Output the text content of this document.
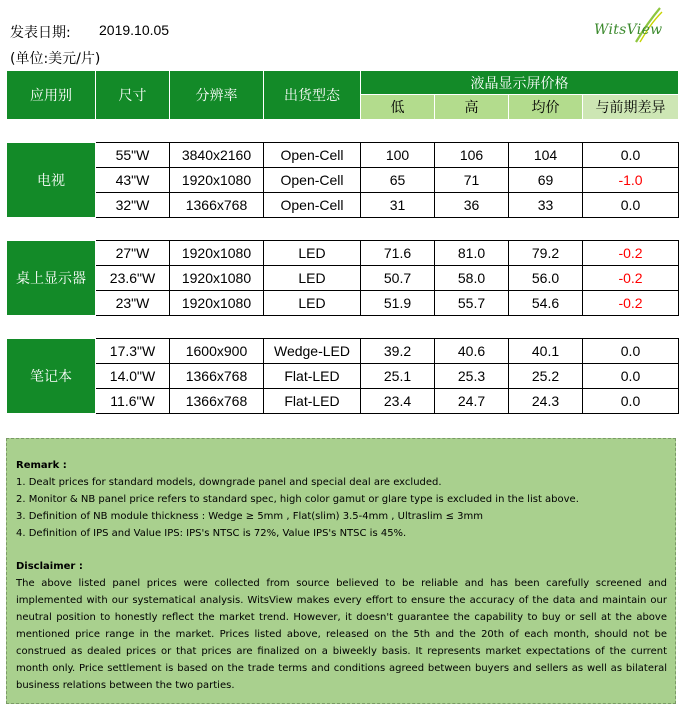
发表日期: 2019.10.05
(单位:美元/片)
WitsView
应用别	尺寸	分辨率	出货型态	液晶显示屏价格			
				低	高	均价	与前期差异

电视	55"W	3840x2160	Open-Cell	100	106	104	0.0
	43"W	1920x1080	Open-Cell	65	71	69	-1.0
	32"W	1366x768	Open-Cell	31	36	33	0.0

桌上显示器	27"W	1920x1080	LED	71.6	81.0	79.2	-0.2
	23.6"W	1920x1080	LED	50.7	58.0	56.0	-0.2
	23"W	1920x1080	LED	51.9	55.7	54.6	-0.2

笔记本	17.3"W	1600x900	Wedge-LED	39.2	40.6	40.1	0.0
	14.0"W	1366x768	Flat-LED	25.1	25.3	25.2	0.0
	11.6"W	1366x768	Flat-LED	23.4	24.7	24.3	0.0
Remark :
1. Dealt prices for standard models, downgrade panel and special deal are excluded.
2. Monitor & NB panel price refers to standard spec, high color gamut or glare type is excluded in the list above.
3. Definition of NB module thickness : Wedge ≥ 5mm , Flat(slim) 3.5-4mm , Ultraslim ≤ 3mm
4. Definition of IPS and Value IPS: IPS's NTSC is 72%, Value IPS's NTSC is 45%.
Disclaimer :
The above listed panel prices were collected from source believed to be reliable and has been carefully screened and implemented with our systematical analysis. WitsView makes every effort to ensure the accuracy of the data and maintain our neutral position to honestly reflect the market trend. However, it doesn't guarantee the capability to buy or sell at the above mentioned price range in the market. Prices listed above, released on the 5th and the 20th of each month, should not be construed as dealed prices or that prices are finalized on a biweekly basis. It represents market expectations of the current month only. Price settlement is based on the trade terms and conditions agreed between buyers and sellers as well as bilateral business relations between the two parties.
